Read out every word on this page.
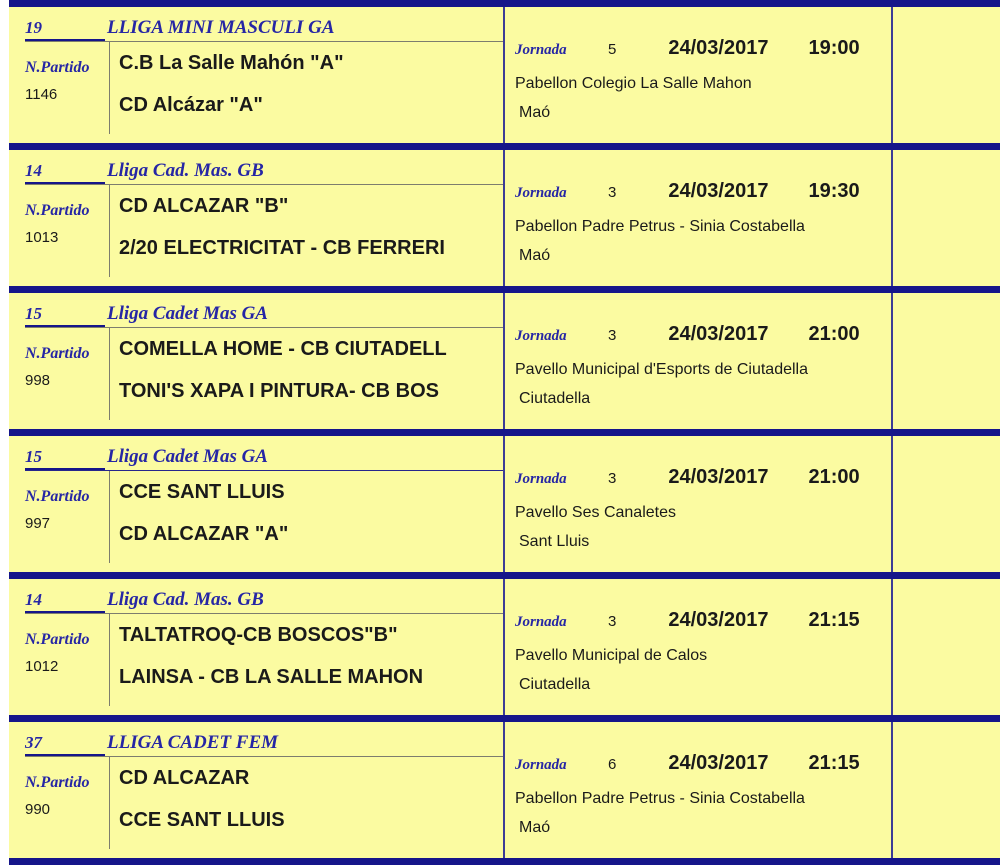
19	LLIGA MINI MASCULI GA
N.Partido
1146
C.B La Salle Mahón "A"
CD Alcázar "A"
Jornada	5	24/03/2017 19:00
Pabellon Colegio La Salle Mahon
Maó
14	Lliga Cad. Mas. GB
N.Partido
1013
CD ALCAZAR "B"
2/20 ELECTRICITAT - CB FERRERI
Jornada	3	24/03/2017 19:30
Pabellon Padre Petrus - Sinia Costabella
Maó
15	Lliga Cadet Mas GA
N.Partido
998
COMELLA HOME - CB CIUTADELL
TONI'S XAPA I PINTURA- CB BOS
Jornada	3	24/03/2017 21:00
Pavello Municipal d'Esports de Ciutadella
Ciutadella
15	Lliga Cadet Mas GA
N.Partido
997
CCE SANT LLUIS
CD ALCAZAR "A"
Jornada	3	24/03/2017 21:00
Pavello Ses Canaletes
Sant Lluis
14	Lliga Cad. Mas. GB
N.Partido
1012
TALTATROQ-CB BOSCOS"B"
LAINSA - CB LA SALLE MAHON
Jornada	3	24/03/2017 21:15
Pavello Municipal de Calos
Ciutadella
37	LLIGA CADET FEM
N.Partido
990
CD ALCAZAR
CCE SANT LLUIS
Jornada	6	24/03/2017 21:15
Pabellon Padre Petrus - Sinia Costabella
Maó
